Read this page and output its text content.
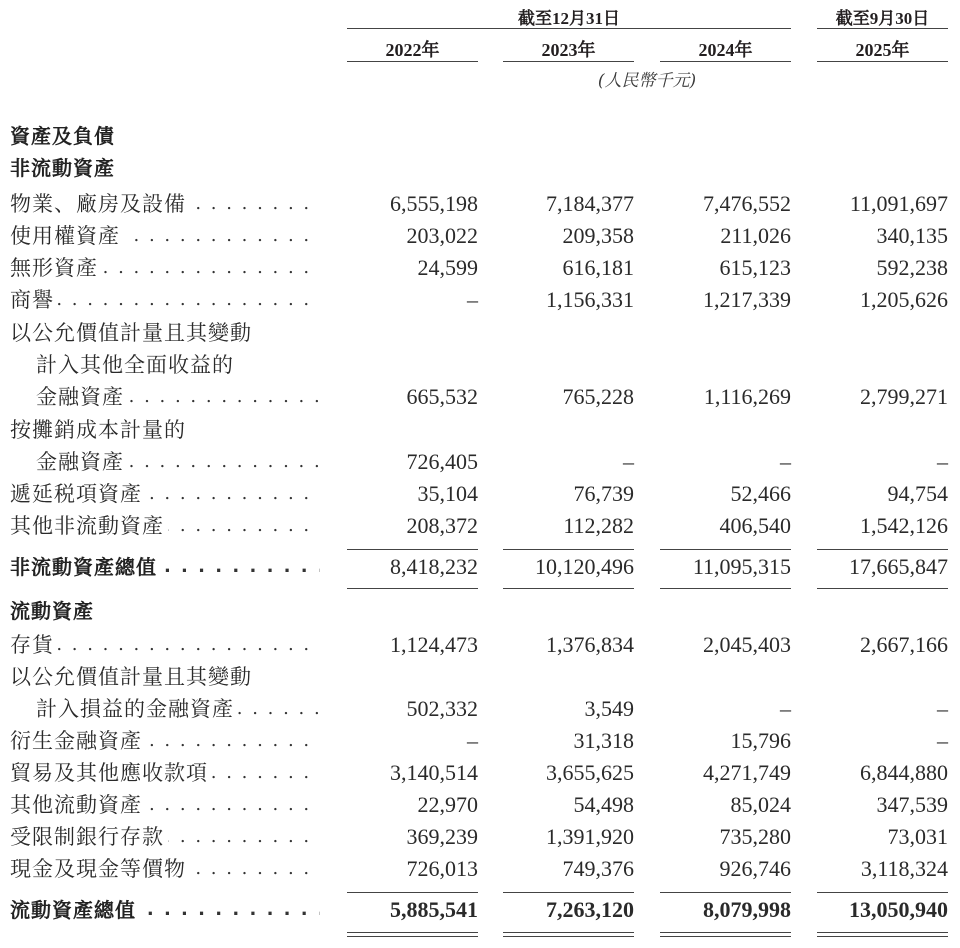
截至12月31日	截至9月30日
2022年	2023年	2024年	2025年
(人民幣千元)
資產及負債
非流動資產
物業、廠房及設備 . . .	6,555,198	7,184,377	7,476,552	11,091,697
使用權資產 . . .	203,022	209,358	211,026	340,135
無形資產 . . .	24,599	616,181	615,123	592,238
商譽 . . .	–	1,156,331	1,217,339	1,205,626
以公允價值計量且其變動
計入其他全面收益的
金融資產 . . .	665,532	765,228	1,116,269	2,799,271
按攤銷成本計量的
金融資產 . . .	726,405	–	–	–
遞延税項資產 . . .	35,104	76,739	52,466	94,754
其他非流動資產 . . .	208,372	112,282	406,540	1,542,126
非流動資產總值 . . .	8,418,232	10,120,496	11,095,315	17,665,847
流動資產
存貨 . . .	1,124,473	1,376,834	2,045,403	2,667,166
以公允價值計量且其變動
計入損益的金融資產 . . .	502,332	3,549	–	–
衍生金融資產 . . .	–	31,318	15,796	–
貿易及其他應收款項 . . .	3,140,514	3,655,625	4,271,749	6,844,880
其他流動資產 . . .	22,970	54,498	85,024	347,539
受限制銀行存款 . . .	369,239	1,391,920	735,280	73,031
現金及現金等價物 . . .	726,013	749,376	926,746	3,118,324
流動資產總值 . . .	5,885,541	7,263,120	8,079,998	13,050,940
